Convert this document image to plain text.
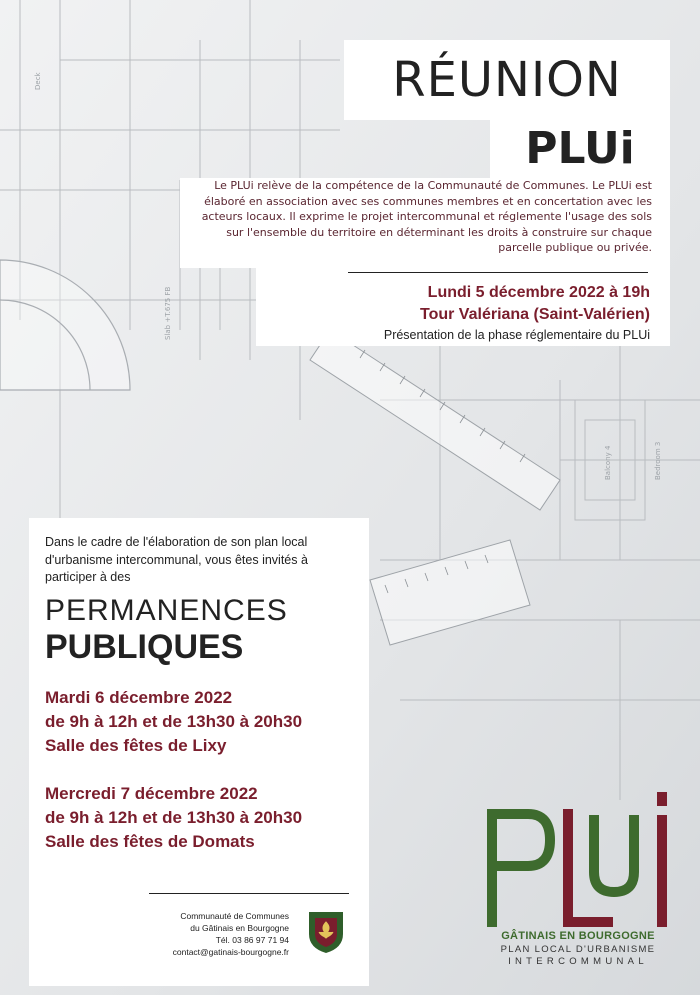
Slab +T.675 FB
Balcony 4	Bedroom 3
Deck	RÉUNION
PLUi
Le PLUi relève de la compétence de la Communauté de Communes. Le PLUi est élaboré en association avec ses communes membres et en concertation avec les acteurs locaux. Il exprime le projet intercommunal et réglemente l'usage des sols sur l'ensemble du territoire en déterminant les droits à construire sur chaque parcelle publique ou privée.
Lundi 5 décembre 2022 à 19h
Tour Valériana (Saint-Valérien)
Présentation de la phase réglementaire du PLUi
Dans le cadre de l'élaboration de son plan local d'urbanisme intercommunal, vous êtes invités à participer à des
PERMANENCES
PUBLIQUES
Mardi 6 décembre 2022
de 9h à 12h et de 13h30 à 20h30
Salle des fêtes de Lixy
Mercredi 7 décembre 2022
de 9h à 12h et de 13h30 à 20h30
Salle des fêtes de Domats
Communauté de Communes
du Gâtinais en Bourgogne
Tél. 03 86 97 71 94
contact@gatinais-bourgogne.fr
GÂTINAIS EN BOURGOGNE
PLAN LOCAL D'URBANISME
INTERCOMMUNAL
